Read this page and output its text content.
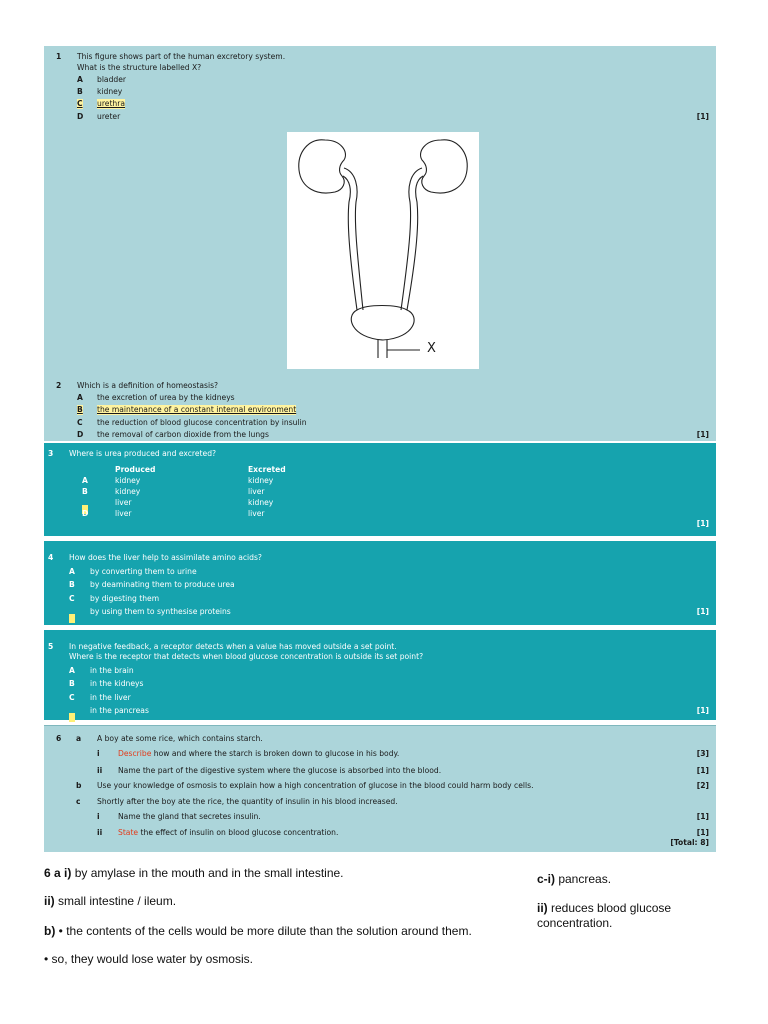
1 This figure shows part of the human excretory system.
What is the structure labelled X?
A bladder
B kidney
C urethra
D ureter	[1]
X
2 Which is a definition of homeostasis?
A the excretion of urea by the kidneys
B the maintenance of a constant internal environment
C the reduction of blood glucose concentration by insulin
D the removal of carbon dioxide from the lungs	[1]
3 Where is urea produced and excreted?
Produced	Excreted
A	kidney	kidney
B	kidney	liver
liver	kidney
D	liver	liver
[1]
4 How does the liver help to assimilate amino acids?
A by converting them to urine
B by deaminating them to produce urea
C by digesting them
by using them to synthesise proteins	[1]
5 In negative feedback, a receptor detects when a value has moved outside a set point.
Where is the receptor that detects when blood glucose concentration is outside its set point?
A in the brain
B in the kidneys
C in the liver
in the pancreas	[1]
6 a A boy ate some rice, which contains starch.
i Describe how and where the starch is broken down to glucose in his body.	[3]
ii Name the part of the digestive system where the glucose is absorbed into the blood.	[1]
b Use your knowledge of osmosis to explain how a high concentration of glucose in the blood could harm body cells.	[2]
c Shortly after the boy ate the rice, the quantity of insulin in his blood increased.
i Name the gland that secretes insulin.	[1]
ii State the effect of insulin on blood glucose concentration.	[1]
[Total: 8]
6 a i) by amylase in the mouth and in the small intestine.
ii) small intestine / ileum.
b) • the contents of the cells would be more dilute than the solution around them.
• so, they would lose water by osmosis.
c-i) pancreas.
ii) reduces blood glucose concentration.
